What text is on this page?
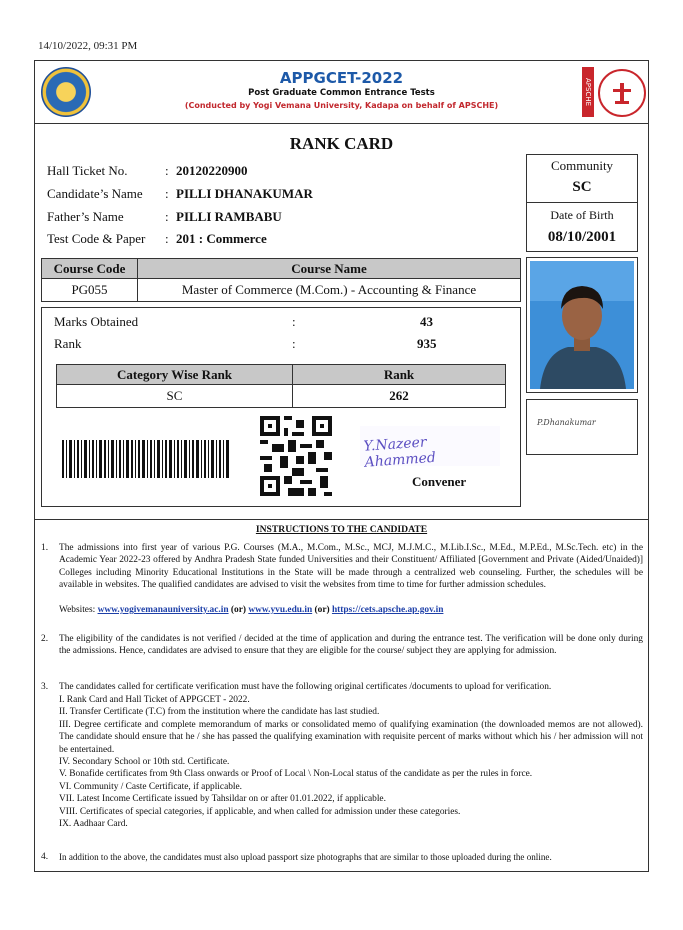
14/10/2022, 09:31 PM
APPGCET-2022
Post Graduate Common Entrance Tests
(Conducted by Yogi Vemana University, Kadapa on behalf of APSCHE)	APSCHE
RANK CARD
Hall Ticket No.	: 20120220900
Candidate’s Name : PILLI DHANAKUMAR
Father’s Name	: PILLI RAMBABU
Test Code & Paper : 201 : Commerce
Community
SC
Date of Birth
08/10/2001
P.Dhanakumar
Course Code	Course Name
PG055	Master of Commerce (M.Com.) - Accounting & Finance
Marks Obtained	:	43
Rank	:	935
Category Wise Rank	Rank
SC	262
Y.Nazeer Ahammed
Convener
INSTRUCTIONS TO THE CANDIDATE
1. The admissions into first year of various P.G. Courses (M.A., M.Com., M.Sc., MCJ, M.J.M.C., M.Lib.I.Sc., M.Ed., M.P.Ed., M.Sc.Tech. etc) in the Academic Year 2022-23 offered by Andhra Pradesh State funded Universities and their Constituent/ Affiliated [Government and Private (Aided/Unaided)] Colleges including Minority Educational Institutions in the State will be made through a centralized web counseling. Further, the schedules will be available in websites. The qualified candidates are advised to visit the websites from time to time for further admission schedules.
Websites: www.yogivemanauniversity.ac.in (or) www.yvu.edu.in (or) https://cets.apsche.ap.gov.in
2. The eligibility of the candidates is not verified / decided at the time of application and during the entrance test. The verification will be done only during the admissions. Hence, candidates are advised to ensure that they are eligible for the course/ subject they are applying for admission.
3. The candidates called for certificate verification must have the following original certificates /documents to upload for verification.
I. Rank Card and Hall Ticket of APPGCET - 2022.
II. Transfer Certificate (T.C) from the institution where the candidate has last studied.
III. Degree certificate and complete memorandum of marks or consolidated memo of qualifying examination (the downloaded memos are not allowed). The candidate should ensure that he / she has passed the qualifying examination with requisite percent of marks without which his / her admission will not be entertained.
IV. Secondary School or 10th std. Certificate.
V. Bonafide certificates from 9th Class onwards or Proof of Local \ Non-Local status of the candidate as per the rules in force.
VI. Community / Caste Certificate, if applicable.
VII. Latest Income Certificate issued by Tahsildar on or after 01.01.2022, if applicable.
VIII. Certificates of special categories, if applicable, and when called for admission under these categories.
IX. Aadhaar Card.
4. In addition to the above, the candidates must also upload passport size photographs that are similar to those uploaded during the online.
